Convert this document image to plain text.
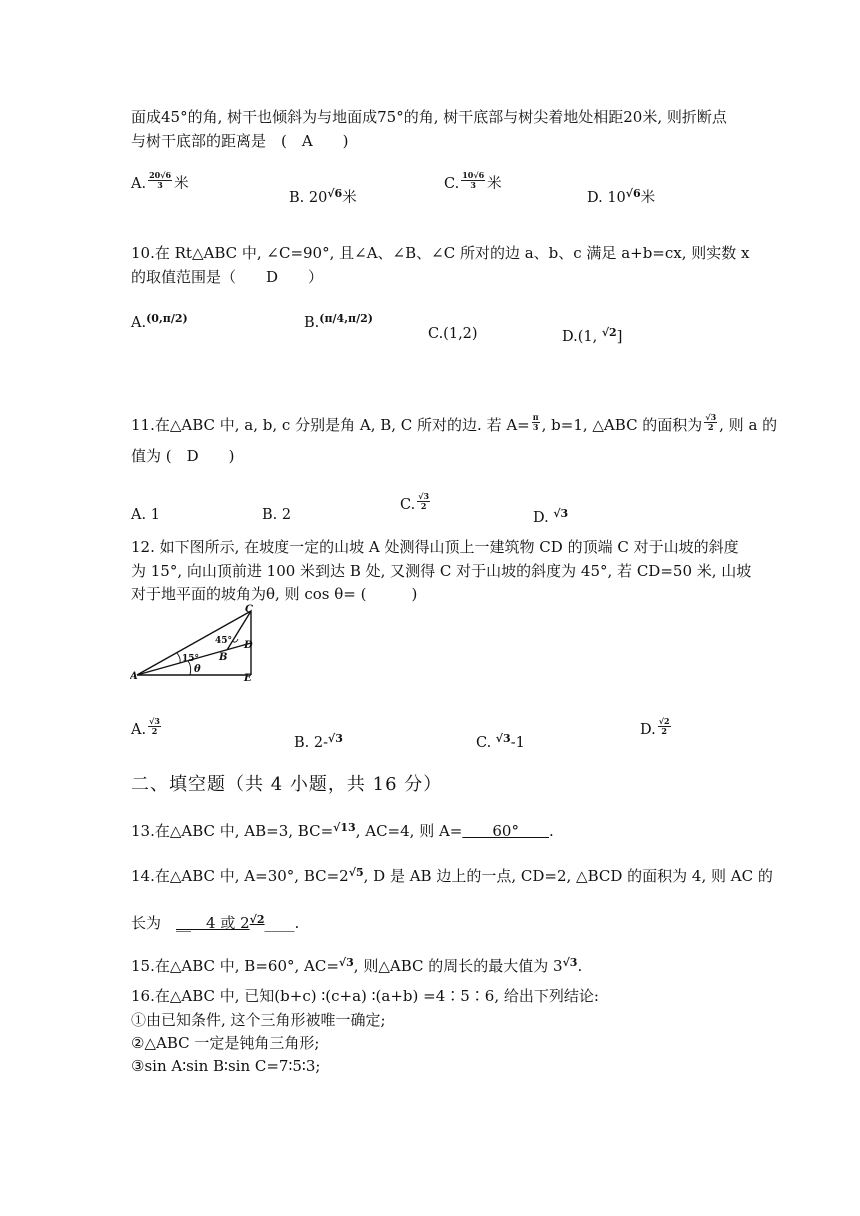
面成45°的角, 树干也倾斜为与地面成75°的角, 树干底部与树尖着地处相距20米, 则折断点
与树干底部的距离是　(　A　　)
A. $\frac{20√6}{3}$ 米
B. $20^{√6}$米
C. $\frac{10√6}{3}$ 米
D. $10^{√6}$米
10.在 Rt△ABC 中, ∠C=90°, 且∠A、∠B、∠C 所对的边 a、b、c 满足 a+b=cx, 则实数 x
的取值范围是（　　D　　）
A.$^{(0,\pi/2)}$	B.$^{(\pi/4,\pi/2)}$
C.(1,2)	D.(1, $^{√2}$]
11.在△ABC 中, a, b, c 分别是角 A, B, C 所对的边. 若 $A= \frac{\pi}{3}$ , b=1, △ABC 的面积为 $\frac{√3}{2}$ , 则 a 的
值为 (　D　　)
A. 1	B. 2
C. $\frac{√3}{2}$
D. $^{√3}$
12. 如下图所示, 在坡度一定的山坡 A 处测得山顶上一建筑物 CD 的顶端 C 对于山坡的斜度
为 15°, 向山顶前进 100 米到达 B 处, 又测得 C 对于山坡的斜度为 45°, 若 CD=50 米, 山坡
对于地平面的坡角为θ, 则 cos θ= (　　　)
A
C
D
B
E
θ
15°
45°
A. $\frac{√3}{2}$
B. 2-$^{√3}$	C. $^{√3}$-1
D. $\frac{√2}{2}$
二、填空题（共 4 小题，共 16 分）
13.在△ABC 中, AB=3, BC=$^{√13}$, AC=4, 则 A=　　60°　　.
14.在△ABC 中, A=30°, $BC=2^{√5}$, D 是 AB 边上的一点, CD=2, △BCD 的面积为 4, 则 AC 的
长为　__　4 或 $2^{√2}\_\_\_\_$.
15.在△ABC 中, B=60°, AC=$^{√3}$, 则△ABC 的周长的最大值为 $3^{√3}$.
16.在△ABC 中, 已知(b+c) ∶(c+a) ∶(a+b) =4∶5∶6, 给出下列结论:
①由已知条件, 这个三角形被唯一确定;
②△ABC 一定是钝角三角形;
③sin A∶sin B∶sin C=7∶5∶3;
